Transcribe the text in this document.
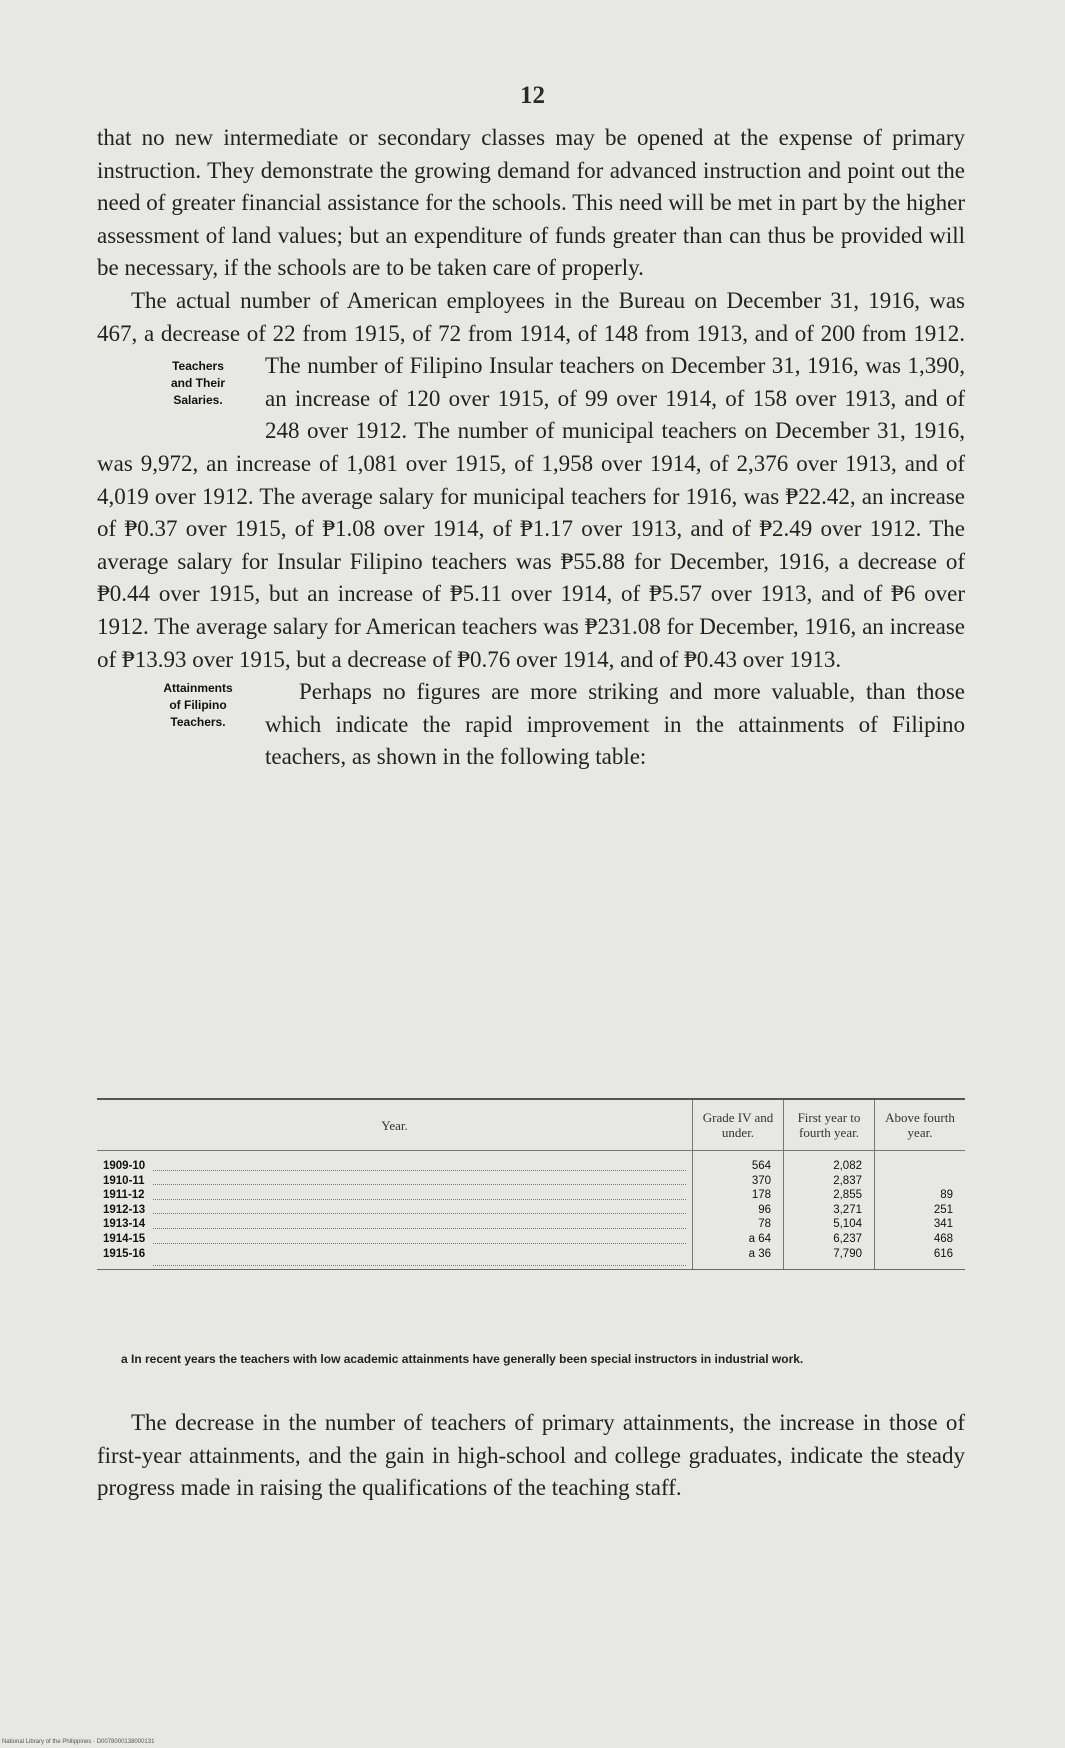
12

that no new intermediate or secondary classes may be opened at the expense of primary instruction. They demonstrate the growing demand for advanced instruction and point out the need of greater financial assistance for the schools. This need will be met in part by the higher assessment of land values; but an expenditure of funds greater than can thus be provided will be necessary, if the schools are to be taken care of properly.

The actual number of American employees in the Bureau on December 31, 1916, was 467, a decrease of 22 from 1915, of 72 from 1914, of 148 from 1913, and of 200 from 1912. The
Teachers
and Their
Salaries.
number of Filipino Insular teachers on December 31, 1916, was 1,390, an increase of 120 over 1915, of 99 over 1914, of 158 over 1913, and of 248 over 1912. The number of municipal teachers on December 31, 1916, was 9,972, an increase of 1,081 over 1915, of 1,958 over 1914, of 2,376 over 1913, and of 4,019 over 1912. The average salary for municipal teachers for 1916, was ₱22.42, an increase of ₱0.37 over 1915, of ₱1.08 over 1914, of ₱1.17 over 1913, and of ₱2.49 over 1912. The average salary for Insular Filipino teachers was ₱55.88 for December, 1916, a decrease of ₱0.44 over 1915, but an increase of ₱5.11 over 1914, of ₱5.57 over 1913, and of ₱6 over 1912. The average salary for American teachers was ₱231.08 for December, 1916, an increase of ₱13.93 over 1915, but a decrease of ₱0.76 over 1914, and of ₱0.43 over 1913.

Perhaps no figures are more striking and more valuable, than
Attainments
of Filipino
Teachers.
those which indicate the rapid improvement in the attainments of Filipino teachers, as shown in the following table:

Year.	Grade IV and under.	First year to fourth year.	Above fourth year.
1909-10	564	2,082	
1910-11	370	2,837	
1911-12	178	2,855	89
1912-13	96	3,271	251
1913-14	78	5,104	341
1914-15	a 64	6,237	468
1915-16	a 36	7,790	616
a In recent years the teachers with low academic attainments have generally been special instructors in industrial work.

The decrease in the number of teachers of primary attainments, the increase in those of first-year attainments, and the gain in high-school and college graduates, indicate the steady progress made in raising the qualifications of the teaching staff.

National Library of the Philippines · D0078000138000131
